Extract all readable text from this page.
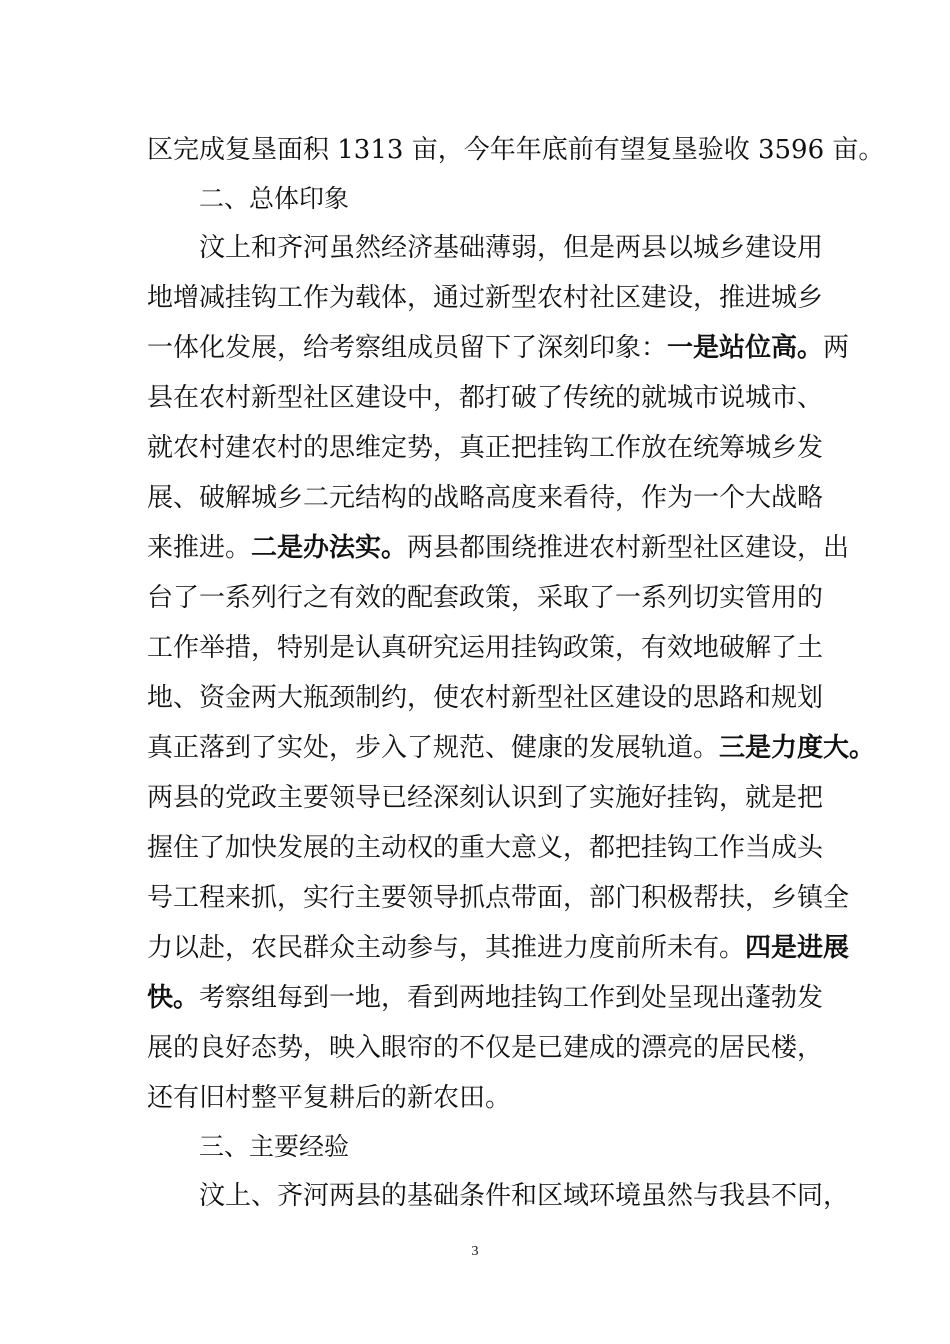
区完成复垦面积 1313 亩，今年年底前有望复垦验收 3596 亩。
二、总体印象
汶上和齐河虽然经济基础薄弱，但是两县以城乡建设用
地增减挂钩工作为载体，通过新型农村社区建设，推进城乡
一体化发展，给考察组成员留下了深刻印象：一是站位高。两
县在农村新型社区建设中，都打破了传统的就城市说城市、
就农村建农村的思维定势，真正把挂钩工作放在统筹城乡发
展、破解城乡二元结构的战略高度来看待，作为一个大战略
来推进。二是办法实。两县都围绕推进农村新型社区建设，出
台了一系列行之有效的配套政策，采取了一系列切实管用的
工作举措，特别是认真研究运用挂钩政策，有效地破解了土
地、资金两大瓶颈制约，使农村新型社区建设的思路和规划
真正落到了实处，步入了规范、健康的发展轨道。三是力度大。
两县的党政主要领导已经深刻认识到了实施好挂钩，就是把
握住了加快发展的主动权的重大意义，都把挂钩工作当成头
号工程来抓，实行主要领导抓点带面，部门积极帮扶，乡镇全
力以赴，农民群众主动参与，其推进力度前所未有。四是进展
快。考察组每到一地，看到两地挂钩工作到处呈现出蓬勃发
展的良好态势，映入眼帘的不仅是已建成的漂亮的居民楼，
还有旧村整平复耕后的新农田。
三、主要经验
汶上、齐河两县的基础条件和区域环境虽然与我县不同，
3
